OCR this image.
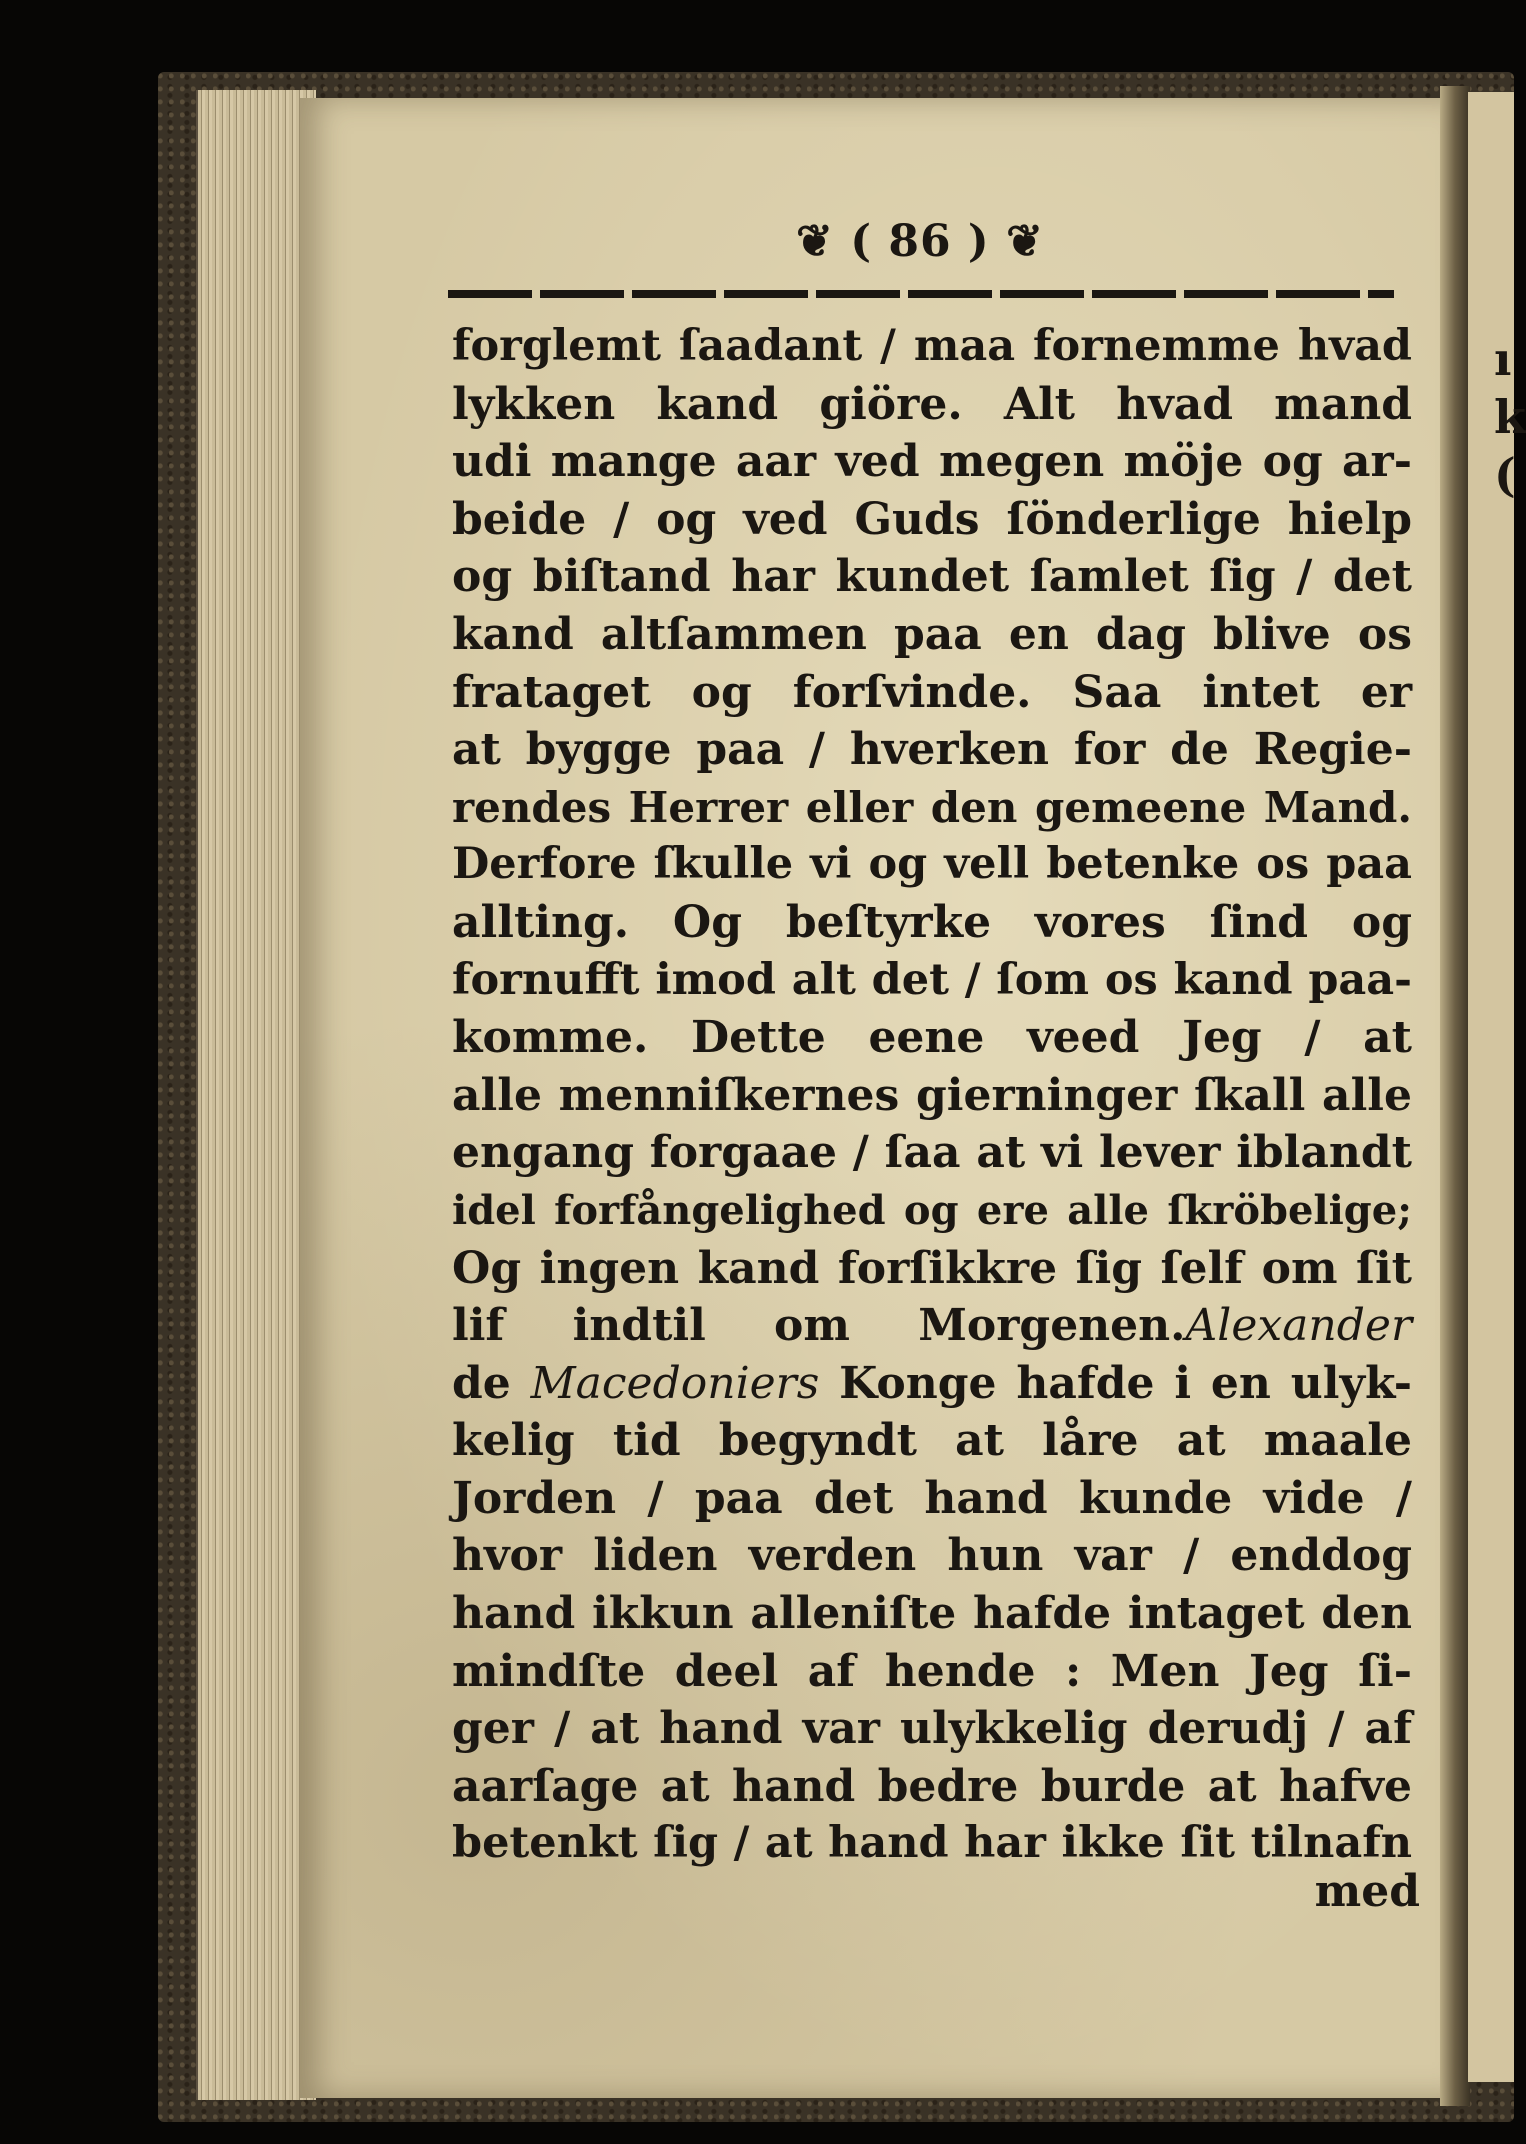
ı
k
(
❦ ( 86 ) ❦
forglemt ſaadant / maa fornemme hvad
lykken kand giöre. Alt hvad mand
udi mange aar ved megen möje og ar-
beide / og ved Guds ſönderlige hielp
og biſtand har kundet ſamlet ſig / det
kand altſammen paa en dag blive os
frataget og forſvinde. Saa intet er
at bygge paa / hverken for de Regie-
rendes Herrer eller den gemeene Mand.
Derfore ſkulle vi og vell betenke os paa
allting. Og beſtyrke vores ſind og
fornufft imod alt det / ſom os kand paa-
komme. Dette eene veed Jeg / at
alle menniſkernes gierninger ſkall alle
engang forgaae / ſaa at vi lever iblandt
idel forfångelighed og ere alle ſkröbelige;
Og ingen kand forſikkre ſig ſelf om ſit
lif indtil om Morgenen.Alexander
de Macedoniers Konge hafde i en ulyk-
kelig tid begyndt at låre at maale
Jorden / paa det hand kunde vide /
hvor liden verden hun var / enddog
hand ikkun alleniſte hafde intaget den
mindſte deel af hende : Men Jeg ſi-
ger / at hand var ulykkelig derudj / af
aarſage at hand bedre burde at hafve
betenkt ſig / at hand har ikke ſit tilnafn
med
